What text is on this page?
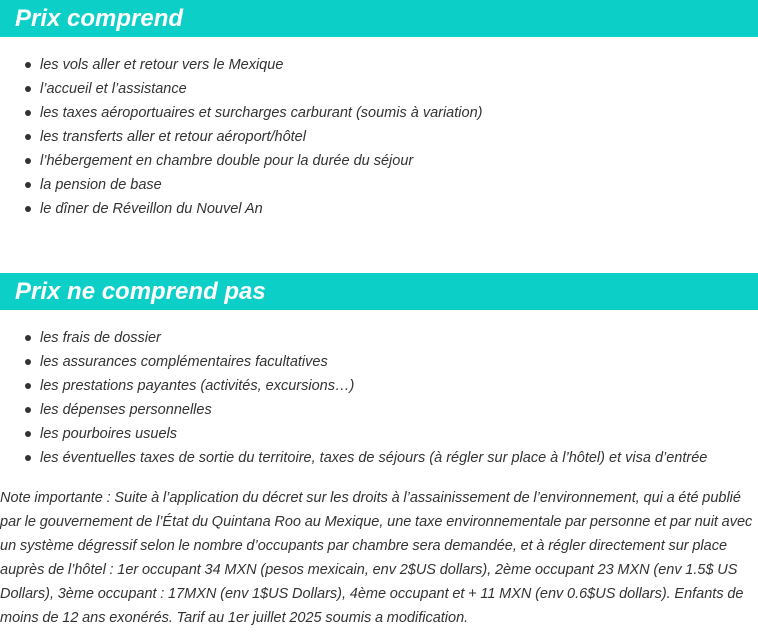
Prix comprend
les vols aller et retour vers le Mexique
l’accueil et l’assistance
les taxes aéroportuaires et surcharges carburant (soumis à variation)
les transferts aller et retour aéroport/hôtel
l’hébergement en chambre double pour la durée du séjour
la pension de base
le dîner de Réveillon du Nouvel An
Prix ne comprend pas
les frais de dossier
les assurances complémentaires facultatives
les prestations payantes (activités, excursions…)
les dépenses personnelles
les pourboires usuels
les éventuelles taxes de sortie du territoire, taxes de séjours (à régler sur place à l’hôtel) et visa d’entrée
Note importante : Suite à l’application du décret sur les droits à l’assainissement de l’environnement, qui a été publié par le gouvernement de l’État du Quintana Roo au Mexique, une taxe environnementale par personne et par nuit avec un système dégressif selon le nombre d’occupants par chambre sera demandée, et à régler directement sur place auprès de l’hôtel : 1er occupant 34 MXN (pesos mexicain, env 2$US dollars), 2ème occupant 23 MXN (env 1.5$ US Dollars), 3ème occupant : 17MXN (env 1$US Dollars), 4ème occupant et + 11 MXN (env 0.6$US dollars). Enfants de moins de 12 ans exonérés. Tarif au 1er juillet 2025 soumis a modification.
